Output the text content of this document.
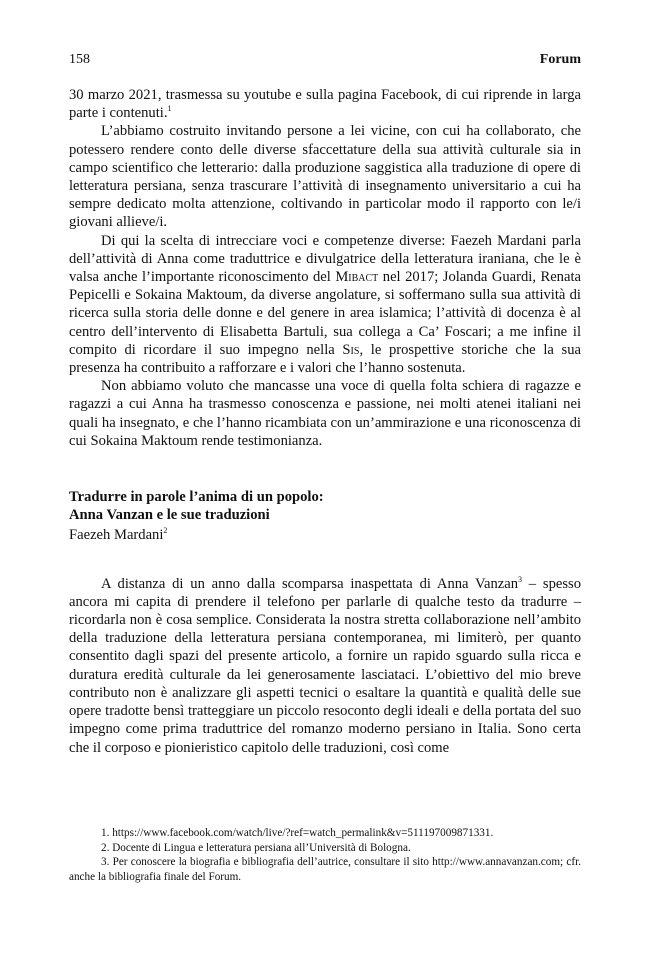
158	Forum

30 marzo 2021, trasmessa su youtube e sulla pagina Facebook, di cui riprende in larga parte i contenuti.$^1$

L’abbiamo costruito invitando persone a lei vicine, con cui ha collaborato, che potessero rendere conto delle diverse sfaccettature della sua attività culturale sia in campo scientifico che letterario: dalla produzione saggistica alla traduzione di opere di letteratura persiana, senza trascurare l’attività di insegnamento universitario a cui ha sempre dedicato molta attenzione, coltivando in particolar modo il rapporto con le/i giovani allieve/i.

Di qui la scelta di intrecciare voci e competenze diverse: Faezeh Mardani parla dell’attività di Anna come traduttrice e divulgatrice della letteratura iraniana, che le è valsa anche l’importante riconoscimento del Mibact nel 2017; Jolanda Guardi, Renata Pepicelli e Sokaina Maktoum, da diverse angolature, si soffermano sulla sua attività di ricerca sulla storia delle donne e del genere in area islamica; l’attività di docenza è al centro dell’intervento di Elisabetta Bartuli, sua collega a Ca’ Foscari; a me infine il compito di ricordare il suo impegno nella Sis, le prospettive storiche che la sua presenza ha contribuito a rafforzare e i valori che l’hanno sostenuta.

Non abbiamo voluto che mancasse una voce di quella folta schiera di ragazze e ragazzi a cui Anna ha trasmesso conoscenza e passione, nei molti atenei italiani nei quali ha insegnato, e che l’hanno ricambiata con un’ammirazione e una riconoscenza di cui Sokaina Maktoum rende testimonianza.

Tradurre in parole l’anima di un popolo:
Anna Vanzan e le sue traduzioni
Faezeh Mardani$^2$

A distanza di un anno dalla scomparsa inaspettata di Anna Vanzan$^3$ – spesso ancora mi capita di prendere il telefono per parlarle di qualche testo da tradurre – ricordarla non è cosa semplice. Considerata la nostra stretta collaborazione nell’ambito della traduzione della letteratura persiana contemporanea, mi limiterò, per quanto consentito dagli spazi del presente articolo, a fornire un rapido sguardo sulla ricca e duratura eredità culturale da lei generosamente lasciataci. L’obiettivo del mio breve contributo non è analizzare gli aspetti tecnici o esaltare la quantità e qualità delle sue opere tradotte bensì tratteggiare un piccolo resoconto degli ideali e della portata del suo impegno come prima traduttrice del romanzo moderno persiano in Italia. Sono certa che il corposo e pionieristico capitolo delle traduzioni, così come

1. https://www.facebook.com/watch/live/?ref=watch_permalink&v=511197009871331.

2. Docente di Lingua e letteratura persiana all’Università di Bologna.

3. Per conoscere la biografia e bibliografia dell’autrice, consultare il sito http://www.annavanzan.com; cfr. anche la bibliografia finale del Forum.
